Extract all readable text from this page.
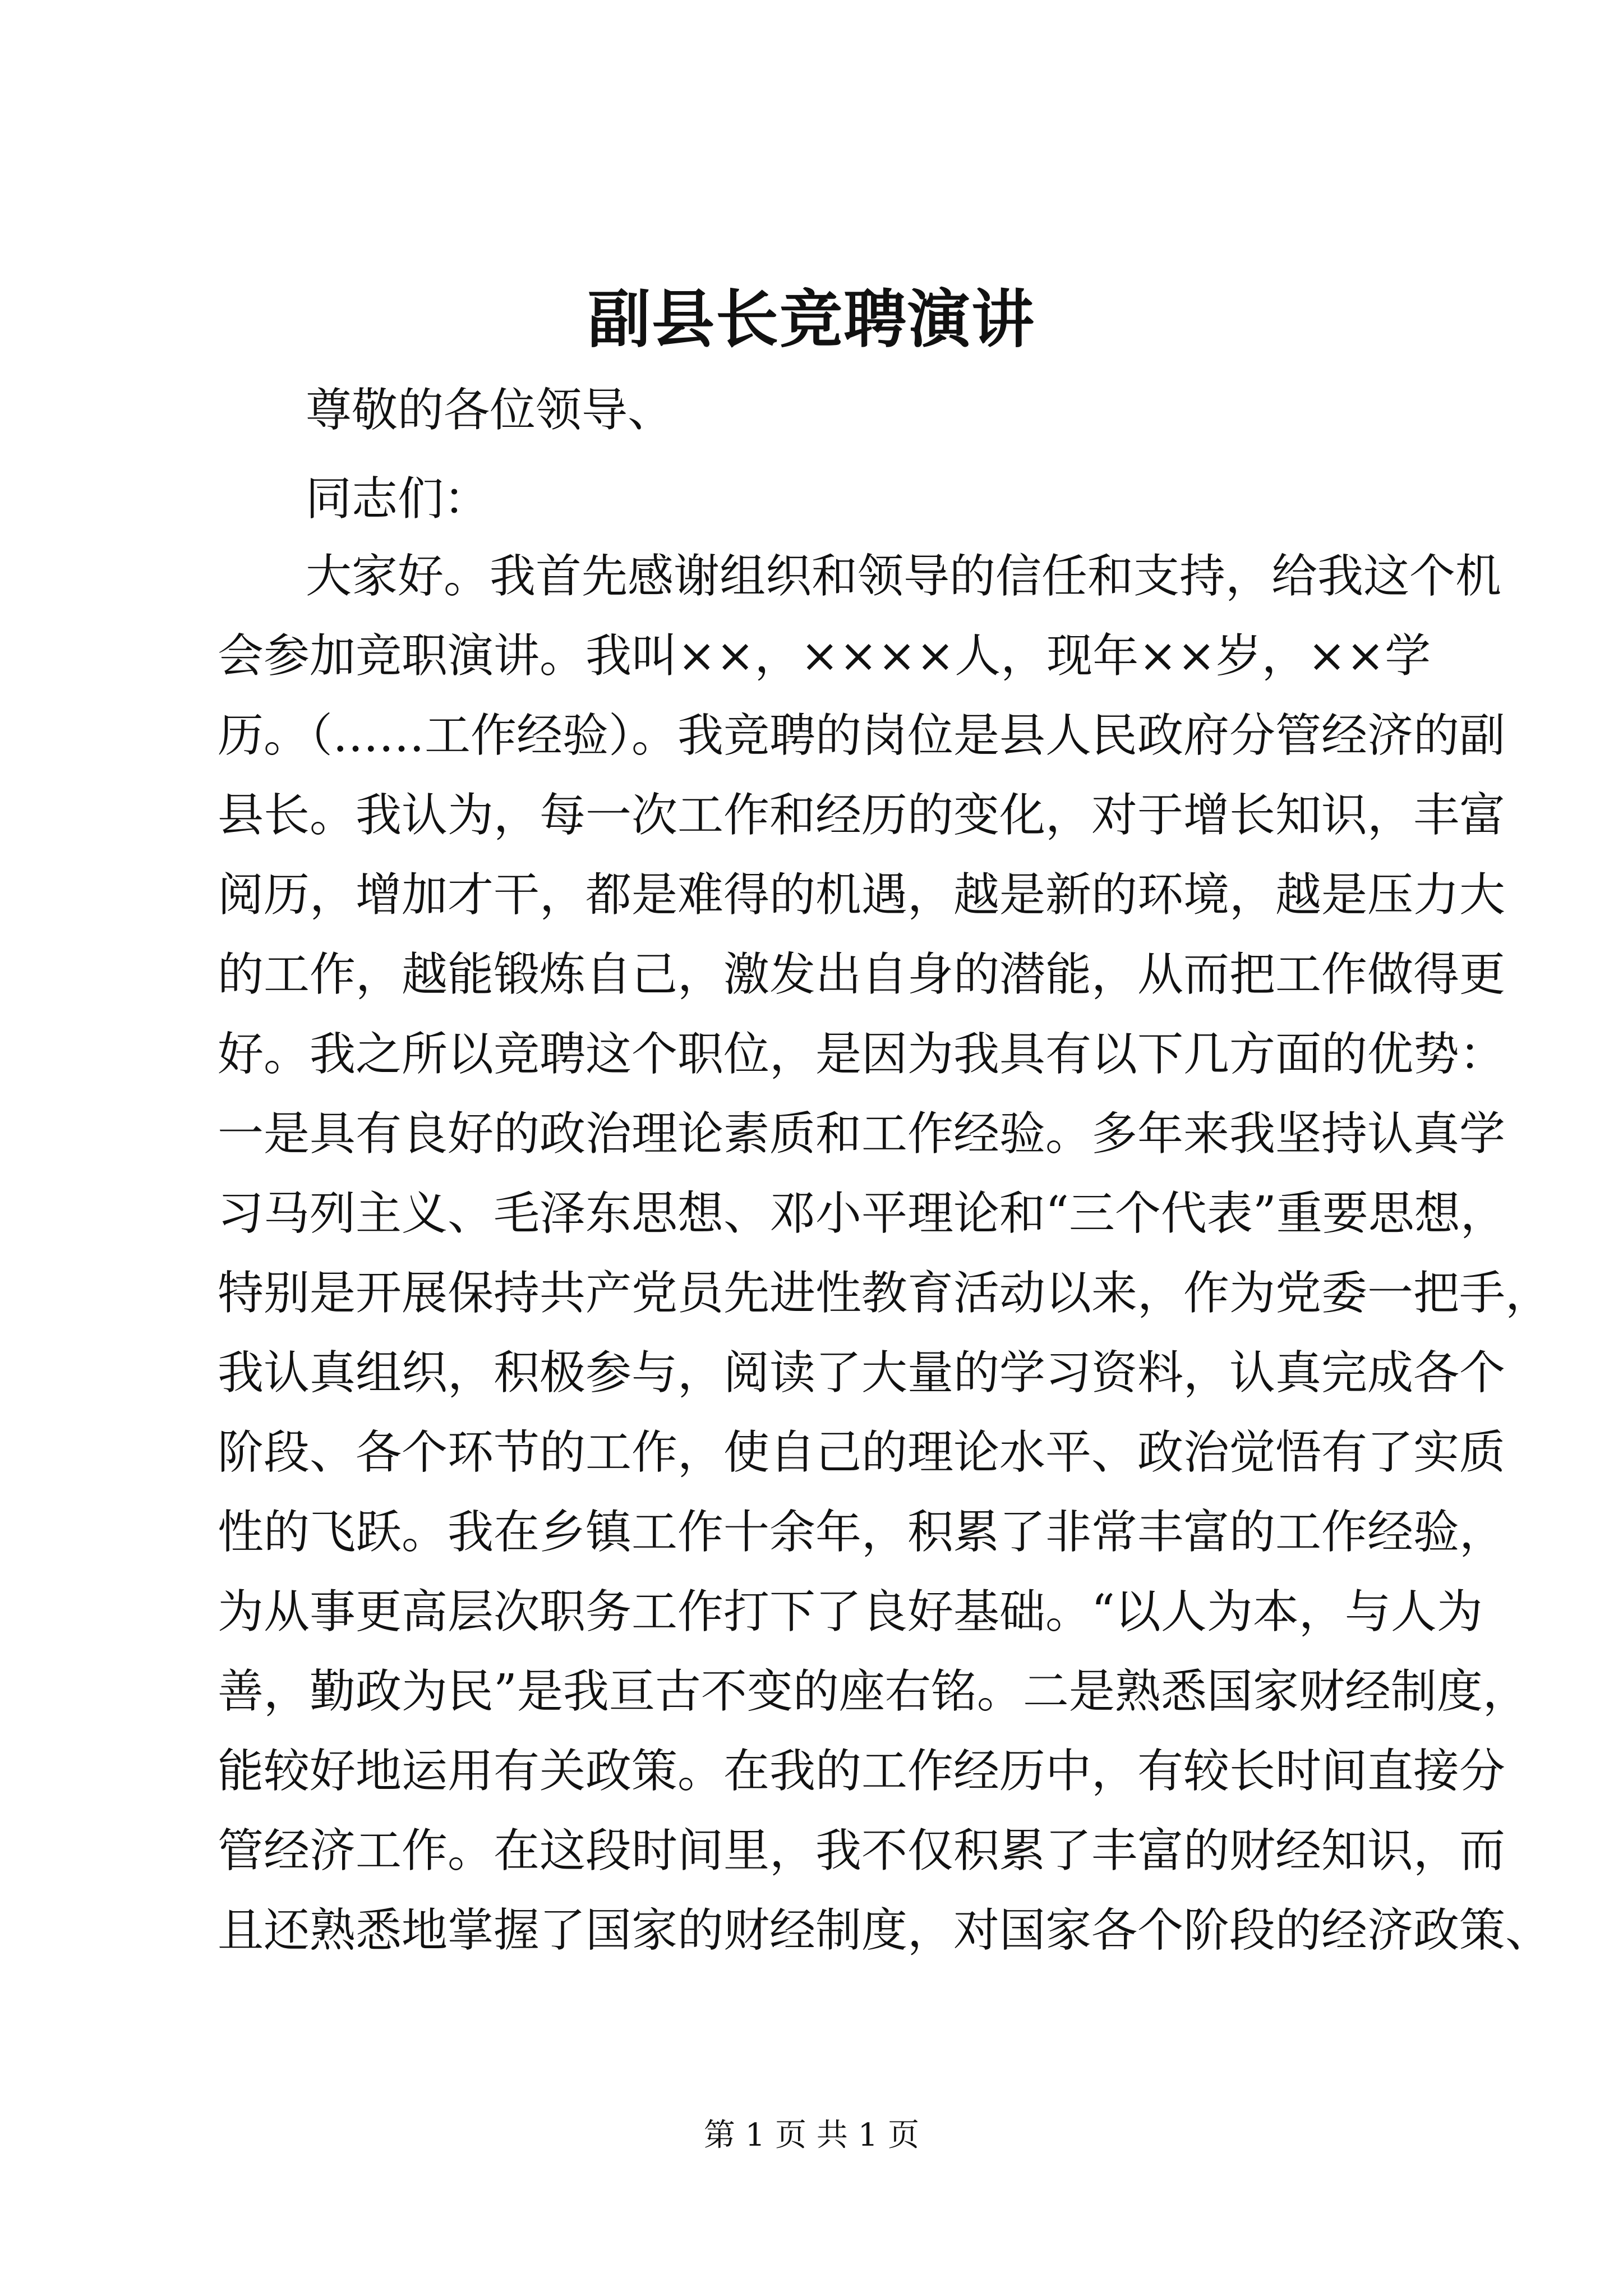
副县长竞聘演讲
尊敬的各位领导、
同志们：
大家好。我首先感谢组织和领导的信任和支持，给我这个机
会参加竞职演讲。我叫××，××××人，现年××岁，××学
历。（……工作经验）。我竞聘的岗位是县人民政府分管经济的副
县长。我认为，每一次工作和经历的变化，对于增长知识，丰富
阅历，增加才干，都是难得的机遇，越是新的环境，越是压力大
的工作，越能锻炼自己，激发出自身的潜能，从而把工作做得更
好。我之所以竞聘这个职位，是因为我具有以下几方面的优势：
一是具有良好的政治理论素质和工作经验。多年来我坚持认真学
习马列主义、毛泽东思想、邓小平理论和“三个代表”重要思想，
特别是开展保持共产党员先进性教育活动以来，作为党委一把手，
我认真组织，积极参与，阅读了大量的学习资料，认真完成各个
阶段、各个环节的工作，使自己的理论水平、政治觉悟有了实质
性的飞跃。我在乡镇工作十余年，积累了非常丰富的工作经验，
为从事更高层次职务工作打下了良好基础。“以人为本，与人为
善，勤政为民”是我亘古不变的座右铭。二是熟悉国家财经制度，
能较好地运用有关政策。在我的工作经历中，有较长时间直接分
管经济工作。在这段时间里，我不仅积累了丰富的财经知识，而
且还熟悉地掌握了国家的财经制度，对国家各个阶段的经济政策、
第 1 页 共 1 页
